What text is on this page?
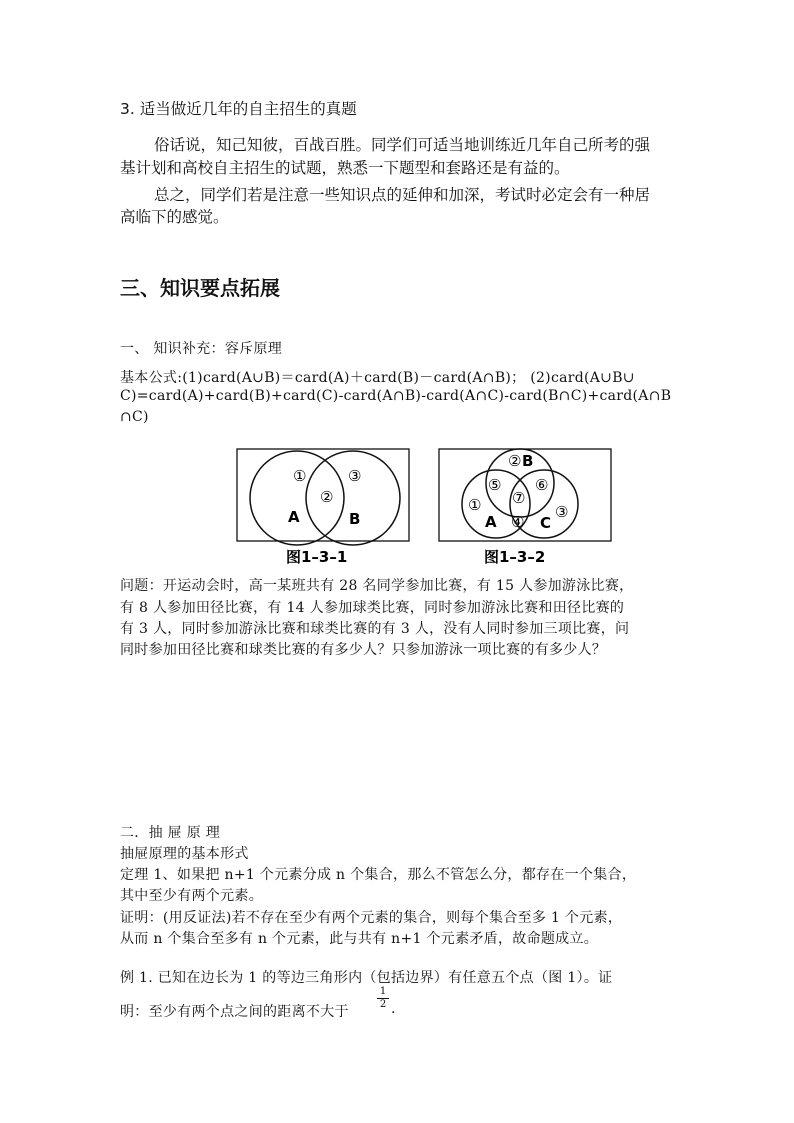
3. 适当做近几年的自主招生的真题
俗话说，知己知彼，百战百胜。同学们可适当地训练近几年自己所考的强
基计划和高校自主招生的试题，熟悉一下题型和套路还是有益的。
总之，同学们若是注意一些知识点的延伸和加深，考试时必定会有一种居
高临下的感觉。
三、知识要点拓展
一、 知识补充：容斥原理
基本公式:(1)card(A∪B)＝card(A)＋card(B)－card(A∩B)； (2)card(A∪B∪
C)=card(A)+card(B)+card(C)-card(A∩B)-card(A∩C)-card(B∩C)+card(A∩B
∩C)
①
②
③
A	B
图1–3–1
② B
⑤ ⑥
⑦
①	③
A ④ C
图1–3–2
问题：开运动会时，高一某班共有 28 名同学参加比赛，有 15 人参加游泳比赛，
有 8 人参加田径比赛，有 14 人参加球类比赛，同时参加游泳比赛和田径比赛的
有 3 人，同时参加游泳比赛和球类比赛的有 3 人，没有人同时参加三项比赛，问
同时参加田径比赛和球类比赛的有多少人？只参加游泳一项比赛的有多少人？
二．抽 屉 原 理
抽屉原理的基本形式
定理 1、如果把 n+1 个元素分成 n 个集合，那么不管怎么分，都存在一个集合，
其中至少有两个元素。
证明：(用反证法)若不存在至少有两个元素的集合，则每个集合至多 1 个元素，
从而 n 个集合至多有 n 个元素，此与共有 n+1 个元素矛盾，故命题成立。
例 1. 已知在边长为 1 的等边三角形内（包括边界）有任意五个点（图 1）。证
明：至少有两个点之间的距离不大于
1
2 .
